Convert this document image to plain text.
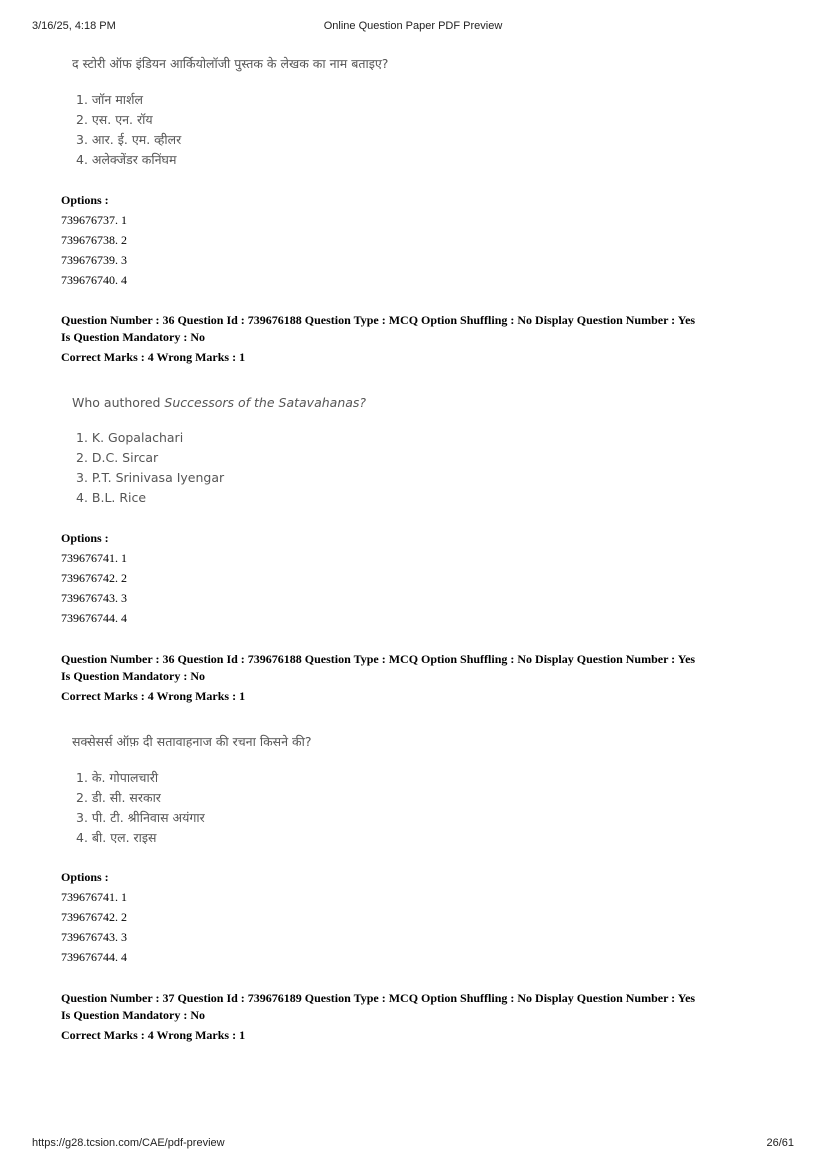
3/16/25, 4:18 PM	Online Question Paper PDF Preview
द स्टोरी ऑफ इंडियन आर्कियोलॉजी पुस्तक के लेखक का नाम बताइए?
1. जॉन मार्शल
2. एस. एन. रॉय
3. आर. ई. एम. व्हीलर
4. अलेक्जेंडर कनिंघम
Options :
739676737. 1
739676738. 2
739676739. 3
739676740. 4
Question Number : 36 Question Id : 739676188 Question Type : MCQ Option Shuffling : No Display Question Number : Yes
Is Question Mandatory : No
Correct Marks : 4 Wrong Marks : 1
Who authored Successors of the Satavahanas?
1. K. Gopalachari
2. D.C. Sircar
3. P.T. Srinivasa Iyengar
4. B.L. Rice
Options :
739676741. 1
739676742. 2
739676743. 3
739676744. 4
Question Number : 36 Question Id : 739676188 Question Type : MCQ Option Shuffling : No Display Question Number : Yes
Is Question Mandatory : No
Correct Marks : 4 Wrong Marks : 1
सक्सेसर्स ऑफ़ दी सतावाहनाज की रचना किसने की?
1. के. गोपालचारी
2. डी. सी. सरकार
3. पी. टी. श्रीनिवास अयंगार
4. बी. एल. राइस
Options :
739676741. 1
739676742. 2
739676743. 3
739676744. 4
Question Number : 37 Question Id : 739676189 Question Type : MCQ Option Shuffling : No Display Question Number : Yes
Is Question Mandatory : No
Correct Marks : 4 Wrong Marks : 1
https://g28.tcsion.com/CAE/pdf-preview	26/61
